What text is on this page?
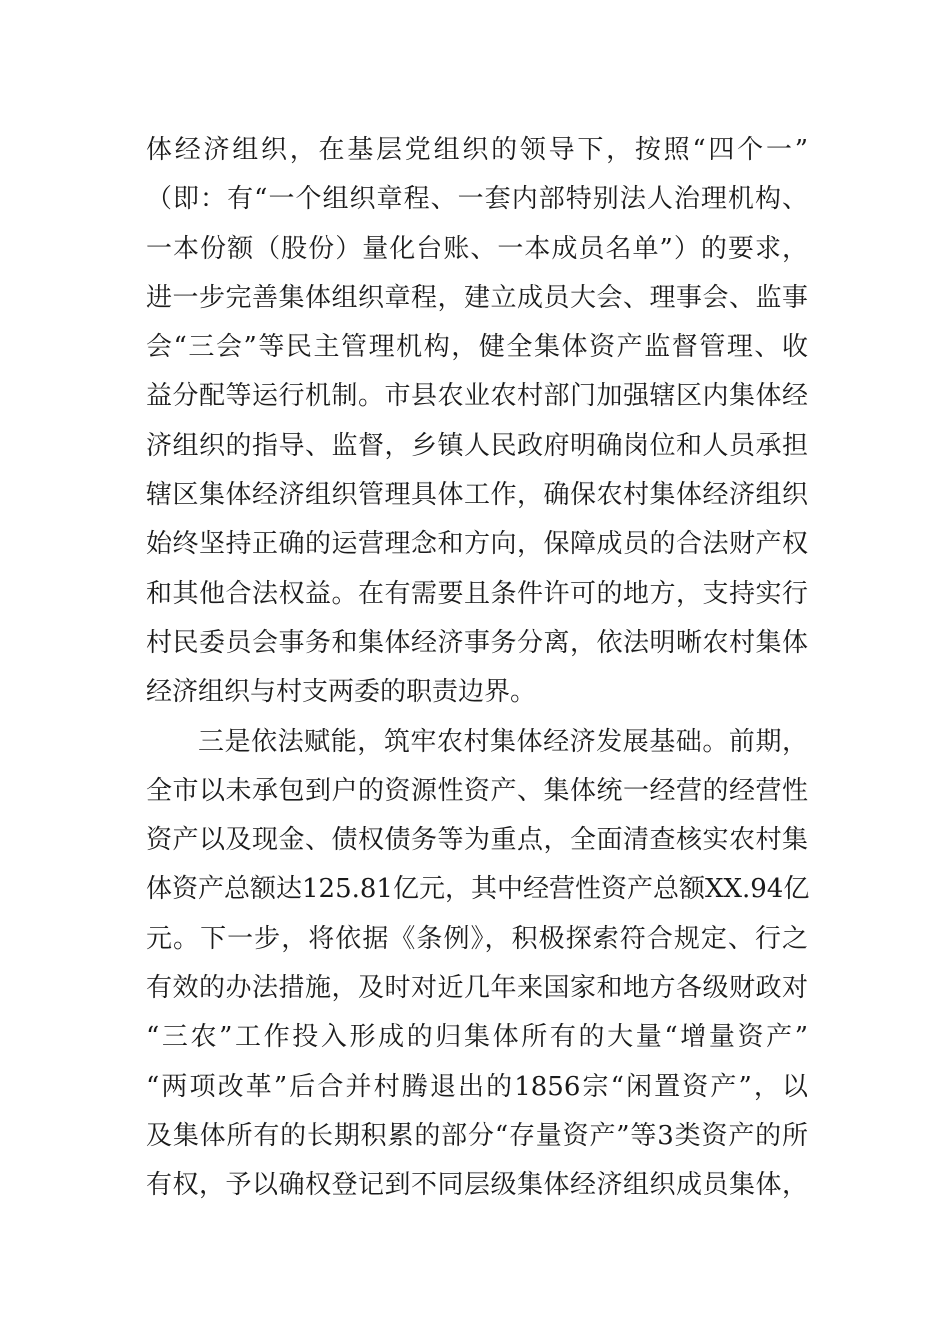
体经济组织，在基层党组织的领导下，按照“四个一”
（即：有“一个组织章程、一套内部特别法人治理机构、
一本份额（股份）量化台账、一本成员名单”）的要求，
进一步完善集体组织章程，建立成员大会、理事会、监事
会“三会”等民主管理机构，健全集体资产监督管理、收
益分配等运行机制。市县农业农村部门加强辖区内集体经
济组织的指导、监督，乡镇人民政府明确岗位和人员承担
辖区集体经济组织管理具体工作，确保农村集体经济组织
始终坚持正确的运营理念和方向，保障成员的合法财产权
和其他合法权益。在有需要且条件许可的地方，支持实行
村民委员会事务和集体经济事务分离，依法明晰农村集体
经济组织与村支两委的职责边界。
三是依法赋能，筑牢农村集体经济发展基础。前期，
全市以未承包到户的资源性资产、集体统一经营的经营性
资产以及现金、债权债务等为重点，全面清查核实农村集
体资产总额达125.81亿元，其中经营性资产总额XX.94亿
元。下一步，将依据《条例》，积极探索符合规定、行之
有效的办法措施，及时对近几年来国家和地方各级财政对
“三农”工作投入形成的归集体所有的大量“增量资产”
“两项改革”后合并村腾退出的1856宗“闲置资产”，以
及集体所有的长期积累的部分“存量资产”等3类资产的所
有权，予以确权登记到不同层级集体经济组织成员集体，
